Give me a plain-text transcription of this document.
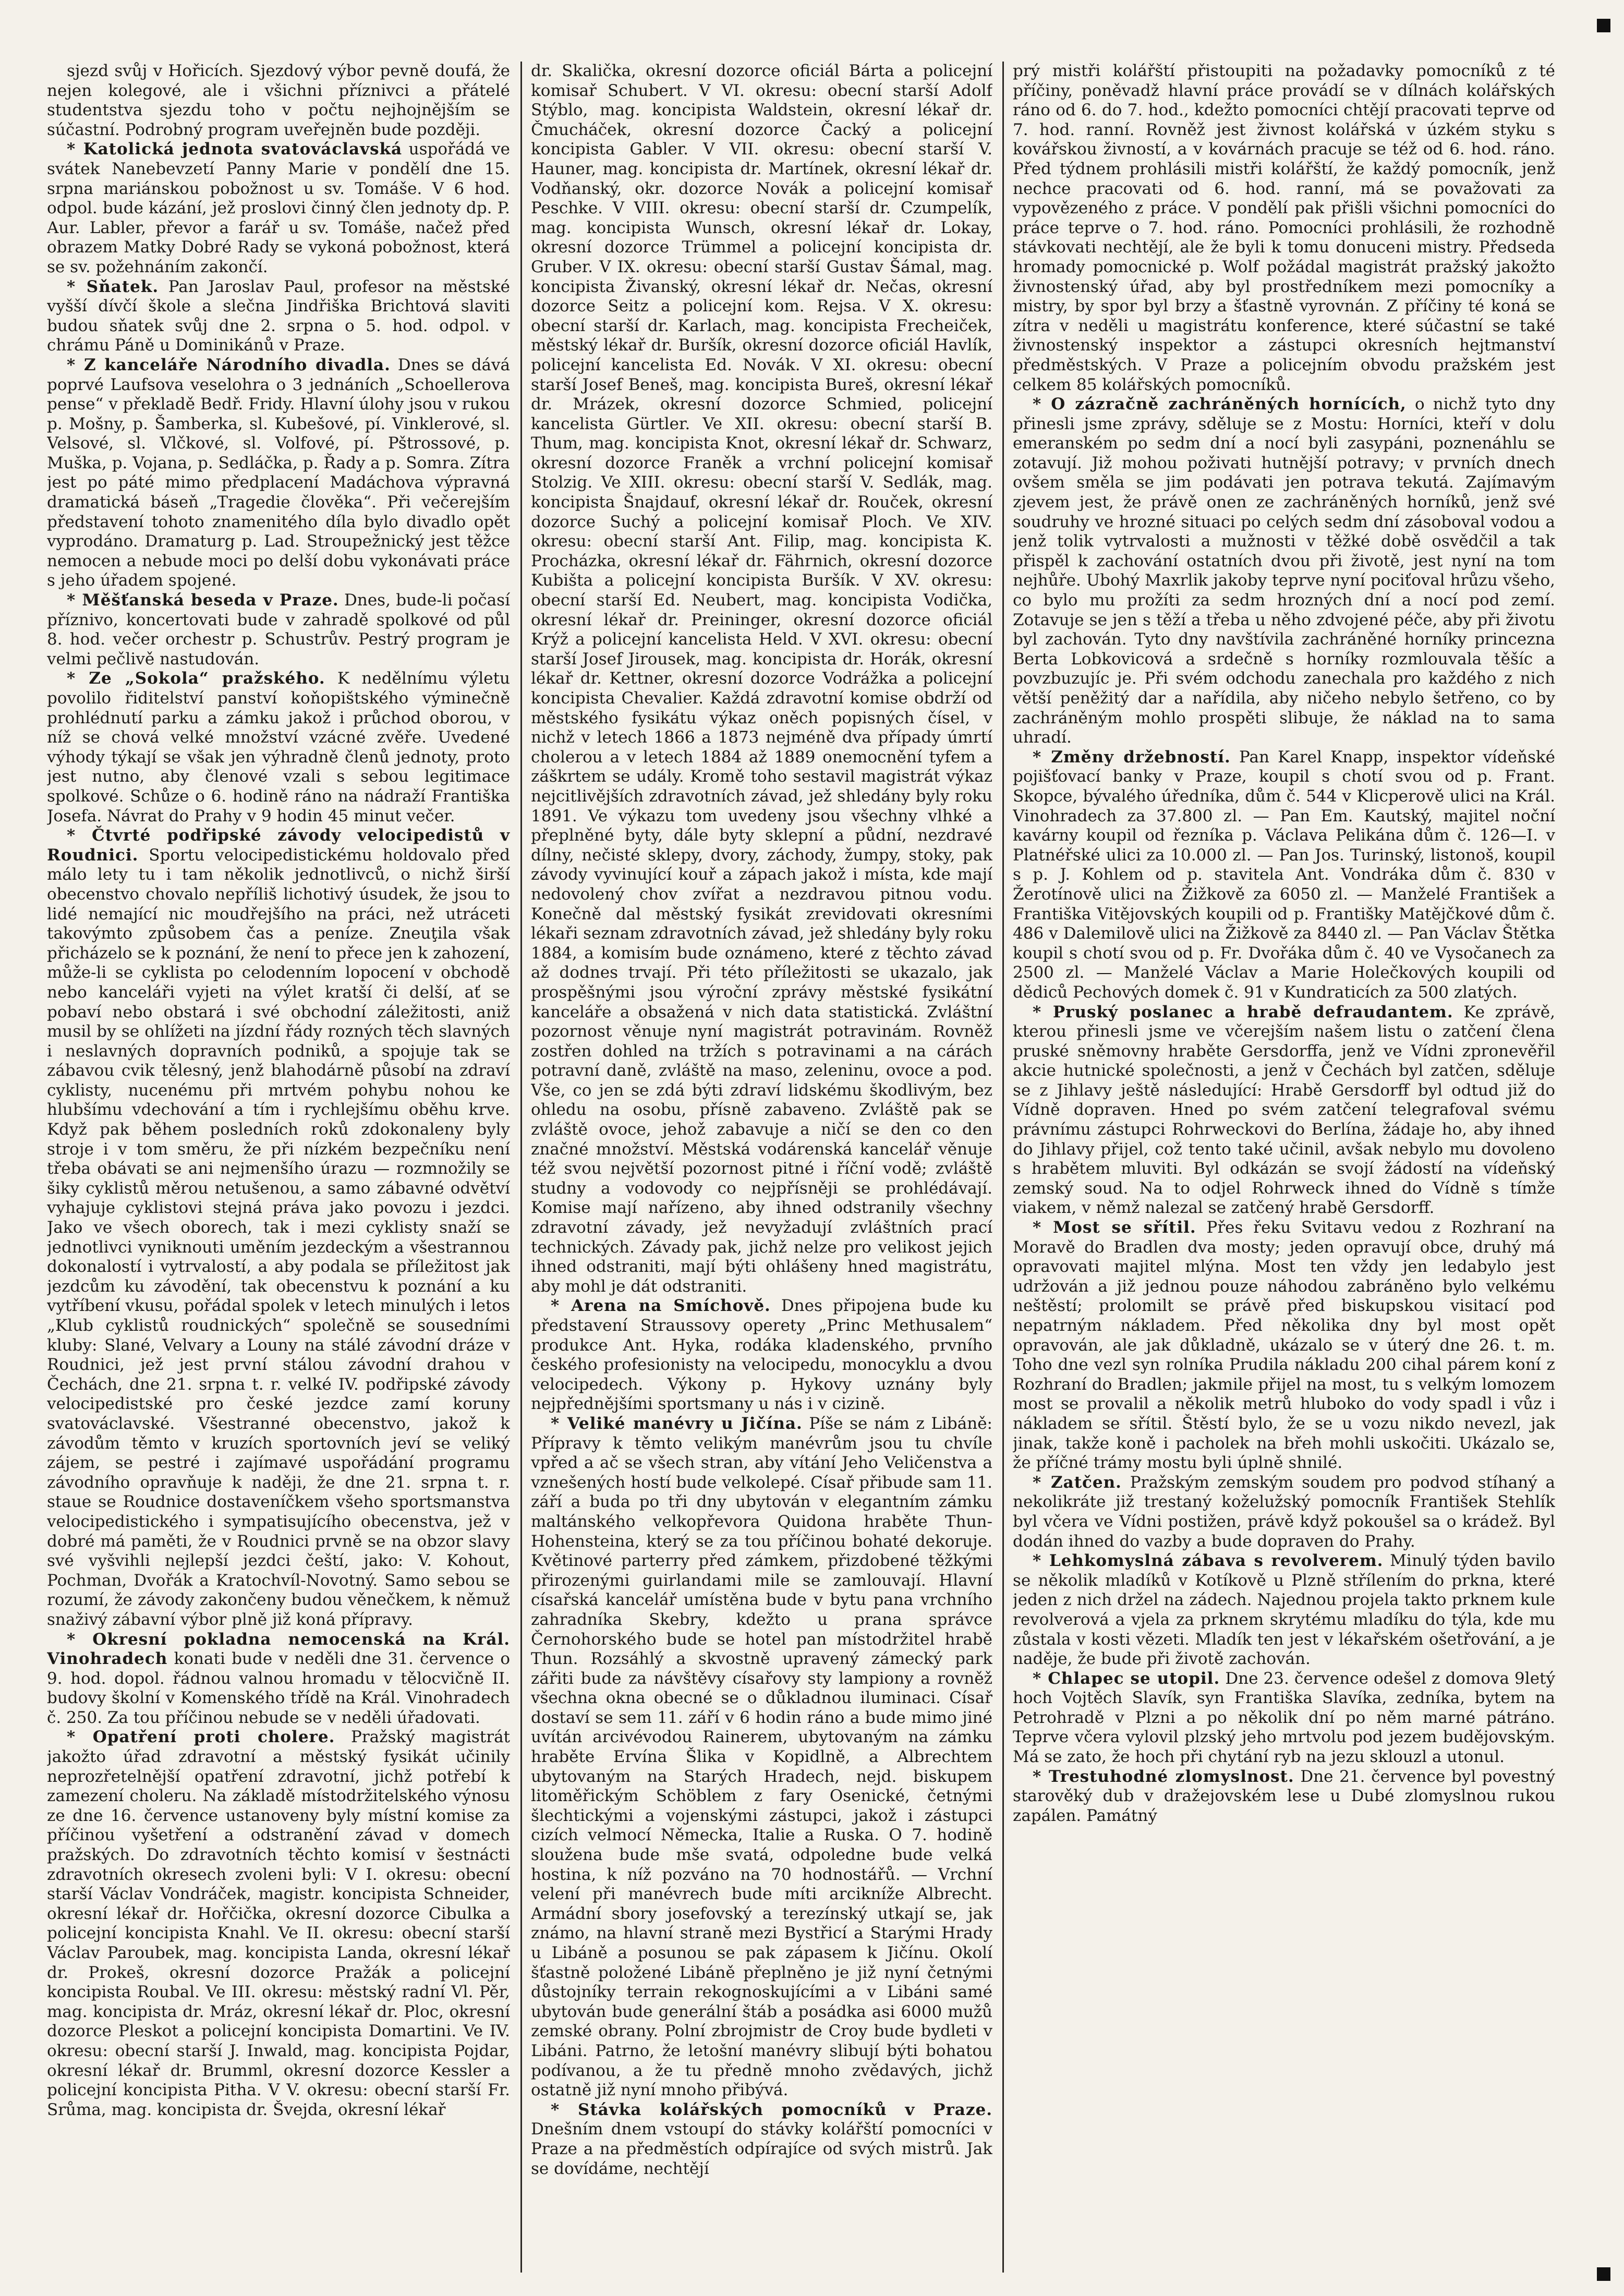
sjezd svůj v Hořicích. Sjezdový výbor pevně doufá, že nejen kolegové, ale i všichni příznivci a přátelé studentstva sjezdu toho v počtu nejhojnějším se súčastní. Podrobný program uveřejněn bude později.

* Katolická jednota svatováclavská uspořádá ve svátek Nanebevzetí Panny Marie v pondělí dne 15. srpna mariánskou pobožnost u sv. Tomáše. V 6 hod. odpol. bude kázání, jež proslovi činný člen jednoty dp. P. Aur. Labler, převor a farář u sv. Tomáše, načež před obrazem Matky Dobré Rady se vykoná pobožnost, která se sv. požehnáním zakončí.

* Sňatek. Pan Jaroslav Paul, profesor na městské vyšší dívčí škole a slečna Jindřiška Brichtová slaviti budou sňatek svůj dne 2. srpna o 5. hod. odpol. v chrámu Páně u Dominikánů v Praze.

* Z kanceláře Národního divadla. Dnes se dává poprvé Laufsova veselohra o 3 jednáních „Schoellerova pense“ v překladě Bedř. Fridy. Hlavní úlohy jsou v rukou p. Mošny, p. Šamberka, sl. Kubešové, pí. Vinklerové, sl. Velsové, sl. Vlčkové, sl. Volfové, pí. Pštrossové, p. Muška, p. Vojana, p. Sedláčka, p. Řady a p. Somra. Zítra jest po páté mimo předplacení Madáchova výpravná dramatická báseň „Tragedie člověka“. Při večerejším představení tohoto znamenitého díla bylo divadlo opět vyprodáno. Dramaturg p. Lad. Stroupežnický jest těžce nemocen a nebude moci po delší dobu vykonávati práce s jeho úřadem spojené.

* Měšťanská beseda v Praze. Dnes, bude-li počasí příznivo, koncertovati bude v zahradě spolkové od půl 8. hod. večer orchestr p. Schustrův. Pestrý program je velmi pečlivě nastudován.

* Ze „Sokola“ pražského. K nedělnímu výletu povolilo řiditelství panství koňopištského výminečně prohlédnutí parku a zámku jakož i průchod oborou, v níž se chová velké množství vzácné zvěře. Uvedené výhody týkají se však jen výhradně členů jednoty, proto jest nutno, aby členové vzali s sebou legitimace spolkové. Schůze o 6. hodině ráno na nádraží Františka Josefa. Návrat do Prahy v 9 hodin 45 minut večer.

* Čtvrté podřipské závody velocipedistů v Roudnici. Sportu velocipedistickému holdovalo před málo lety tu i tam několik jednotlivců, o nichž širší obecenstvo chovalo nepříliš lichotivý úsudek, že jsou to lidé nemající nic moudřejšího na práci, než utráceti takovýmto způsobem čas a peníze. Zneuţila však přicházelo se k poznání, že není to přece jen k zahození, může-li se cyklista po celodenním lopocení v obchodě nebo kanceláři vyjeti na výlet kratší či delší, ať se pobaví nebo obstará i své obchodní záležitosti, aniž musil by se ohlížeti na jízdní řády rozných těch slavných i neslavných dopravních podniků, a spojuje tak se zábavou cvik tělesný, jenž blahodárně působí na zdraví cyklisty, nucenému při mrtvém pohybu nohou ke hlubšímu vdechování a tím i rychlejšímu oběhu krve. Když pak během posledních roků zdokonaleny byly stroje i v tom směru, že při nízkém bezpečníku není třeba obávati se ani nejmenšího úrazu — rozmnožily se šiky cyklistů měrou netušenou, a samo zábavné odvětví vyhajuje cyklistovi stejná práva jako povozu i jezdci. Jako ve všech oborech, tak i mezi cyklisty snaží se jednotlivci vyniknouti uměním jezdeckým a všestrannou dokonalostí i vytrvalostí, a aby podala se příležitost jak jezdcům ku závodění, tak obecenstvu k poznání a ku vytříbení vkusu, pořádal spolek v letech minulých i letos „Klub cyklistů roudnických“ společně se sousedními kluby: Slané, Velvary a Louny na stálé závodní dráze v Roudnici, jež jest první stálou závodní drahou v Čechách, dne 21. srpna t. r. velké IV. podřipské závody velocipedistské pro české jezdce zamí koruny svatováclavské. Všestranné obecenstvo, jakož k závodům těmto v kruzích sportovních jeví se veliký zájem, se pestré i zajímavé uspořádání programu závodního opravňuje k naději, že dne 21. srpna t. r. staue se Roudnice dostaveníčkem všeho sportsmanstva velocipedistického i sympatisujícího obecenstva, jež v dobré má paměti, že v Roudnici prvně se na obzor slavy své vyšvihli nejlepší jezdci čeští, jako: V. Kohout, Pochman, Dvořák a Kratochvíl-Novotný. Samo sebou se rozumí, že závody zakončeny budou věnečkem, k němuž snaživý zábavní výbor plně již koná přípravy.

* Okresní pokladna nemocenská na Král. Vinohradech konati bude v neděli dne 31. července o 9. hod. dopol. řádnou valnou hromadu v tělocvičně II. budovy školní v Komenského třídě na Král. Vinohradech č. 250. Za tou příčinou nebude se v neděli úřadovati.

* Opatření proti cholere. Pražský magistrát jakožto úřad zdravotní a městský fysikát učinily neprozřetelnější opatření zdravotní, jichž potřebí k zamezení choleru. Na základě místodržitelského výnosu ze dne 16. července ustanoveny byly místní komise za příčinou vyšetření a odstranění závad v domech pražských. Do zdravotních těchto komisí v šestnácti zdravotních okresech zvoleni byli: V I. okresu: obecní starší Václav Vondráček, magistr. koncipista Schneider, okresní lékař dr. Hořčička, okresní dozorce Cibulka a policejní koncipista Knahl. Ve II. okresu: obecní starší Václav Paroubek, mag. koncipista Landa, okresní lékař dr. Prokeš, okresní dozorce Pražák a policejní koncipista Roubal. Ve III. okresu: městský radní Vl. Pěr, mag. koncipista dr. Mráz, okresní lékař dr. Ploc, okresní dozorce Pleskot a policejní koncipista Domartini. Ve IV. okresu: obecní starší J. Inwald, mag. koncipista Pojdar, okresní lékař dr. Brumml, okresní dozorce Kessler a policejní koncipista Pitha. V V. okresu: obecní starší Fr. Srůma, mag. koncipista dr. Švejda, okresní lékař

dr. Skalička, okresní dozorce oficiál Bárta a policejní komisař Schubert. V VI. okresu: obecní starší Adolf Stýblo, mag. koncipista Waldstein, okresní lékař dr. Čmucháček, okresní dozorce Čacký a policejní koncipista Gabler. V VII. okresu: obecní starší V. Hauner, mag. koncipista dr. Martínek, okresní lékař dr. Vodňanský, okr. dozorce Novák a policejní komisař Peschke. V VIII. okresu: obecní starší dr. Czumpelík, mag. koncipista Wunsch, okresní lékař dr. Lokay, okresní dozorce Trümmel a policejní koncipista dr. Gruber. V IX. okresu: obecní starší Gustav Šámal, mag. koncipista Živanský, okresní lékař dr. Nečas, okresní dozorce Seitz a policejní kom. Rejsa. V X. okresu: obecní starší dr. Karlach, mag. koncipista Frecheiček, městský lékař dr. Buršík, okresní dozorce oficiál Havlík, policejní kancelista Ed. Novák. V XI. okresu: obecní starší Josef Beneš, mag. koncipista Bureš, okresní lékař dr. Mrázek, okresní dozorce Schmied, policejní kancelista Gürtler. Ve XII. okresu: obecní starší B. Thum, mag. koncipista Knot, okresní lékař dr. Schwarz, okresní dozorce Franěk a vrchní policejní komisař Stolzig. Ve XIII. okresu: obecní starší V. Sedlák, mag. koncipista Šnajdauf, okresní lékař dr. Rouček, okresní dozorce Suchý a policejní komisař Ploch. Ve XIV. okresu: obecní starší Ant. Filip, mag. koncipista K. Procházka, okresní lékař dr. Fährnich, okresní dozorce Kubišta a policejní koncipista Buršík. V XV. okresu: obecní starší Ed. Neubert, mag. koncipista Vodička, okresní lékař dr. Preininger, okresní dozorce oficiál Krýž a policejní kancelista Held. V XVI. okresu: obecní starší Josef Jirousek, mag. koncipista dr. Horák, okresní lékař dr. Kettner, okresní dozorce Vodrážka a policejní koncipista Chevalier. Každá zdravotní komise obdrží od městského fysikátu výkaz oněch popisných čísel, v nichž v letech 1866 a 1873 nejméně dva případy úmrtí cholerou a v letech 1884 až 1889 onemocnění tyfem a záškrtem se udály. Kromě toho sestavil magistrát výkaz nejcitlivějších zdravotních závad, jež shledány byly roku 1891. Ve výkazu tom uvedeny jsou všechny vlhké a přeplněné byty, dále byty sklepní a půdní, nezdravé dílny, nečisté sklepy, dvory, záchody, žumpy, stoky, pak závody vyvinující kouř a zápach jakož i místa, kde mají nedovolený chov zvířat a nezdravou pitnou vodu. Konečně dal městský fysikát zrevidovati okresními lékaři seznam zdravotních závad, jež shledány byly roku 1884, a komisím bude oznámeno, které z těchto závad až dodnes trvají. Při této příležitosti se ukazalo, jak prospěšnými jsou výroční zprávy městské fysikátní kanceláře a obsažená v nich data statistická. Zvláštní pozornost věnuje nyní magistrát potravinám. Rovněž zostřen dohled na tržích s potravinami a na cárách potravní daně, zvláště na maso, zeleninu, ovoce a pod. Vše, co jen se zdá býti zdraví lidskému škodlivým, bez ohledu na osobu, přísně zabaveno. Zvláště pak se zvláště ovoce, jehož zabavuje a ničí se den co den značné množství. Městská vodárenská kancelář věnuje též svou největší pozornost pitné i říční vodě; zvláště studny a vodovody co nejpřísněji se prohlédávají. Komise mají nařízeno, aby ihned odstranily všechny zdravotní závady, jež nevyžadují zvláštních prací technických. Závady pak, jichž nelze pro velikost jejich ihned odstraniti, mají býti ohlášeny hned magistrátu, aby mohl je dát odstraniti.

* Arena na Smíchově. Dnes připojena bude ku představení Straussovy operety „Princ Methusalem“ produkce Ant. Hyka, rodáka kladenského, prvního českého profesionisty na velocipedu, monocyklu a dvou velocipedech. Výkony p. Hykovy uznány byly nejpřednějšími sportsmany u nás i v cizině.

* Veliké manévry u Jičína. Píše se nám z Libáně: Přípravy k těmto velikým manévrům jsou tu chvíle vpřed a ač se všech stran, aby vítání Jeho Veličenstva a vznešených hostí bude velkolepé. Císař přibude sam 11. září a buda po tři dny ubytován v elegantním zámku maltánského velkopřevora Quidona hraběte Thun-Hohensteina, který se za tou příčinou bohaté dekoruje. Květinové parterry před zámkem, přizdobené těžkými přirozenými guirlandami mile se zamlouvají. Hlavní císařská kancelář umístěna bude v bytu pana vrchního zahradníka Skebry, kdežto u prana správce Černohorského bude se hotel pan místodržitel hrabě Thun. Rozsáhlý a skvostně upravený zámecký park zářiti bude za návštěvy císařovy sty lampiony a rovněž všechna okna obecné se o důkladnou iluminaci. Císař dostaví se sem 11. září v 6 hodin ráno a bude mimo jiné uvítán arcivévodou Rainerem, ubytovaným na zámku hraběte Ervína Šlika v Kopidlně, a Albrechtem ubytovaným na Starých Hradech, nejd. biskupem litoměřickým Schöblem z fary Osenické, četnými šlechtickými a vojenskými zástupci, jakož i zástupci cizích velmocí Německa, Italie a Ruska. O 7. hodině sloužena bude mše svatá, odpoledne bude velká hostina, k níž pozváno na 70 hodnostářů. — Vrchní velení při manévrech bude míti arcikníže Albrecht. Armádní sbory josefovský a terezínský utkají se, jak známo, na hlavní straně mezi Bystřicí a Starými Hrady u Libáně a posunou se pak zápasem k Jičínu. Okolí šťastně položené Libáně přeplněno je již nyní četnými důstojníky terrain rekognoskujícími a v Libáni samé ubytován bude generální štáb a posádka asi 6000 mužů zemské obrany. Polní zbrojmistr de Croy bude bydleti v Libáni. Patrno, že letošní manévry slibují býti bohatou podívanou, a že tu předně mnoho zvědavých, jichž ostatně již nyní mnoho přibývá.

* Stávka kolářských pomocníků v Praze. Dnešním dnem vstoupí do stávky kolářští pomocníci v Praze a na předměstích odpírajíce od svých mistrů. Jak se dovídáme, nechtějí

prý mistři kolářští přistoupiti na požadavky pomocníků z té příčiny, poněvadž hlavní práce provádí se v dílnách kolářských ráno od 6. do 7. hod., kdežto pomocníci chtějí pracovati teprve od 7. hod. ranní. Rovněž jest živnost kolářská v úzkém styku s kovářskou živností, a v kovárnách pracuje se též od 6. hod. ráno. Před týdnem prohlásili mistři kolářští, že každý pomocník, jenž nechce pracovati od 6. hod. ranní, má se považovati za vypovězeného z práce. V pondělí pak přišli všichni pomocníci do práce teprve o 7. hod. ráno. Pomocníci prohlásili, že rozhodně stávkovati nechtějí, ale že byli k tomu donuceni mistry. Předseda hromady pomocnické p. Wolf požádal magistrát pražský jakožto živnostenský úřad, aby byl prostředníkem mezi pomocníky a mistry, by spor byl brzy a šťastně vyrovnán. Z příčiny té koná se zítra v neděli u magistrátu konference, které súčastní se také živnostenský inspektor a zástupci okresních hejtmanství předměstských. V Praze a policejním obvodu pražském jest celkem 85 kolářských pomocníků.

* O zázračně zachráněných hornících, o nichž tyto dny přinesli jsme zprávy, sděluje se z Mostu: Horníci, kteří v dolu emeranském po sedm dní a nocí byli zasypáni, poznenáhlu se zotavují. Již mohou poživati hutnější potravy; v prvních dnech ovšem směla se jim podávati jen potrava tekutá. Zajímavým zjevem jest, že právě onen ze zachráněných horníků, jenž své soudruhy ve hrozné situaci po celých sedm dní zásoboval vodou a jenž tolik vytrvalosti a mužnosti v těžké době osvědčil a tak přispěl k zachování ostatních dvou při životě, jest nyní na tom nejhůře. Ubohý Maxrlik jakoby teprve nyní pociťoval hrůzu všeho, co bylo mu prožíti za sedm hrozných dní a nocí pod zemí. Zotavuje se jen s těží a třeba u něho zdvojené péče, aby při životu byl zachován. Tyto dny navštívila zachráněné horníky princezna Berta Lobkovicová a srdečně s horníky rozmlouvala těšíc a povzbuzujíc je. Při svém odchodu zanechala pro každého z nich větší peněžitý dar a nařídila, aby ničeho nebylo šetřeno, co by zachráněným mohlo prospěti slibuje, že náklad na to sama uhradí.

* Změny držebností. Pan Karel Knapp, inspektor vídeňské pojišťovací banky v Praze, koupil s chotí svou od p. Frant. Skopce, bývalého úředníka, dům č. 544 v Klicperově ulici na Král. Vinohradech za 37.800 zl. — Pan Em. Kautský, majitel noční kavárny koupil od řezníka p. Václava Pelikána dům č. 126—I. v Platnéřské ulici za 10.000 zl. — Pan Jos. Turinský, listonoš, koupil s p. J. Kohlem od p. stavitela Ant. Vondráka dům č. 830 v Žerotínově ulici na Žižkově za 6050 zl. — Manželé František a Františka Vitějovských koupili od p. Františky Matějčkové dům č. 486 v Dalemilově ulici na Žižkově za 8440 zl. — Pan Václav Štětka koupil s chotí svou od p. Fr. Dvořáka dům č. 40 ve Vysočanech za 2500 zl. — Manželé Václav a Marie Holečkových koupili od dědiců Pechových domek č. 91 v Kundraticích za 500 zlatých.

* Pruský poslanec a hrabě defraudantem. Ke zprávě, kterou přinesli jsme ve včerejším našem listu o zatčení člena pruské sněmovny hraběte Gersdorffa, jenž ve Vídni zpronevěřil akcie hutnické společnosti, a jenž v Čechách byl zatčen, sděluje se z Jihlavy ještě následující: Hrabě Gersdorff byl odtud již do Vídně dopraven. Hned po svém zatčení telegrafoval svému právnímu zástupci Rohrweckovi do Berlína, žádaje ho, aby ihned do Jihlavy přijel, což tento také učinil, avšak nebylo mu dovoleno s hrabětem mluviti. Byl odkázán se svojí žádostí na vídeňský zemský soud. Na to odjel Rohrweck ihned do Vídně s tímže viakem, v němž nalezal se zatčený hrabě Gersdorff.

* Most se sřítil. Přes řeku Svitavu vedou z Rozhraní na Moravě do Bradlen dva mosty; jeden opravují obce, druhý má opravovati majitel mlýna. Most ten vždy jen ledabylo jest udržován a již jednou pouze náhodou zabráněno bylo velkému neštěstí; prolomilt se právě před biskupskou visitací pod nepatrným nákladem. Před několika dny byl most opět opravován, ale jak důkladně, ukázalo se v úterý dne 26. t. m. Toho dne vezl syn rolníka Prudila nákladu 200 cihal párem koní z Rozhraní do Bradlen; jakmile přijel na most, tu s velkým lomozem most se provalil a několik metrů hluboko do vody spadl i vůz i nákladem se sřítil. Štěstí bylo, že se u vozu nikdo nevezl, jak jinak, takže koně i pacholek na břeh mohli uskočiti. Ukázalo se, že příčné trámy mostu byli úplně shnilé.

* Zatčen. Pražským zemským soudem pro podvod stíhaný a nekolikráte již trestaný koželužský pomocník František Stehlík byl včera ve Vídni postižen, právě když pokoušel sa o krádež. Byl dodán ihned do vazby a bude dopraven do Prahy.

* Lehkomyslná zábava s revolverem. Minulý týden bavilo se několik mladíků v Kotíkově u Plzně střílením do prkna, které jeden z nich držel na zádech. Najednou projela takto prknem kule revolverová a vjela za prknem skrytému mladíku do týla, kde mu zůstala v kosti vězeti. Mladík ten jest v lékařském ošetřování, a je naděje, že bude při životě zachován.

* Chlapec se utopil. Dne 23. července odešel z domova 9letý hoch Vojtěch Slavík, syn Františka Slavíka, zedníka, bytem na Petrohradě v Plzni a po několik dní po něm marné pátráno. Teprve včera vylovil plzský jeho mrtvolu pod jezem budějovským. Má se zato, že hoch při chytání ryb na jezu sklouzl a utonul.

* Trestuhodné zlomyslnost. Dne 21. července byl povestný starověký dub v dražejovském lese u Dubé zlomyslnou rukou zapálen. Památný
